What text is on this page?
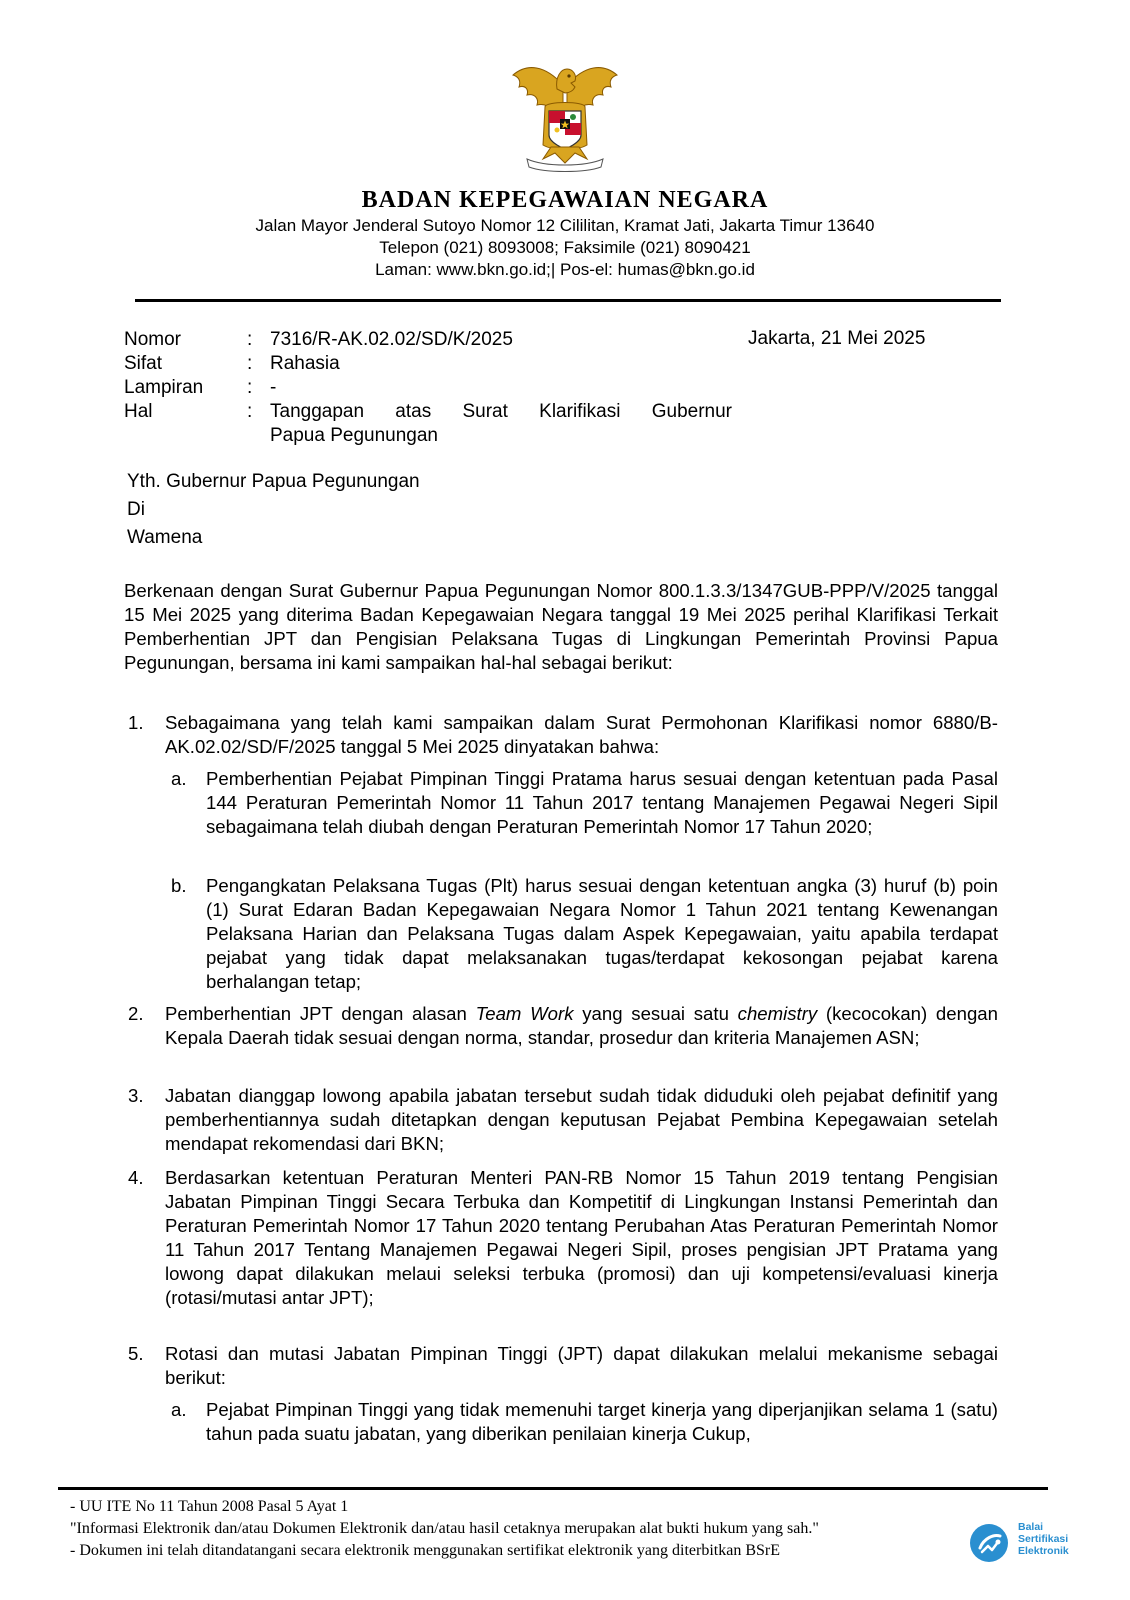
BADAN KEPEGAWAIAN NEGARA
Jalan Mayor Jenderal Sutoyo Nomor 12 Cililitan, Kramat Jati, Jakarta Timur 13640
Telepon (021) 8093008; Faksimile (021) 8090421
Laman: www.bkn.go.id;| Pos-el: humas@bkn.go.id
Nomor	: 7316/R-AK.02.02/SD/K/2025
Sifat	: Rahasia
Lampiran : -
Hal	: Tanggapan atas Surat Klarifikasi Gubernur
Papua Pegunungan
Jakarta, 21 Mei 2025
Yth. Gubernur Papua Pegunungan
Di
Wamena
Berkenaan dengan Surat Gubernur Papua Pegunungan Nomor 800.1.3.3/1347GUB-PPP/V/2025 tanggal 15 Mei 2025 yang diterima Badan Kepegawaian Negara tanggal 19 Mei 2025 perihal Klarifikasi Terkait Pemberhentian JPT dan Pengisian Pelaksana Tugas di Lingkungan Pemerintah Provinsi Papua Pegunungan, bersama ini kami sampaikan hal-hal sebagai berikut:
1. Sebagaimana yang telah kami sampaikan dalam Surat Permohonan Klarifikasi nomor 6880/B-AK.02.02/SD/F/2025 tanggal 5 Mei 2025 dinyatakan bahwa:
a. Pemberhentian Pejabat Pimpinan Tinggi Pratama harus sesuai dengan ketentuan pada Pasal 144 Peraturan Pemerintah Nomor 11 Tahun 2017 tentang Manajemen Pegawai Negeri Sipil sebagaimana telah diubah dengan Peraturan Pemerintah Nomor 17 Tahun 2020;
b. Pengangkatan Pelaksana Tugas (Plt) harus sesuai dengan ketentuan angka (3) huruf (b) poin (1) Surat Edaran Badan Kepegawaian Negara Nomor 1 Tahun 2021 tentang Kewenangan Pelaksana Harian dan Pelaksana Tugas dalam Aspek Kepegawaian, yaitu apabila terdapat pejabat yang tidak dapat melaksanakan tugas/terdapat kekosongan pejabat karena berhalangan tetap;
2. Pemberhentian JPT dengan alasan Team Work yang sesuai satu chemistry (kecocokan) dengan Kepala Daerah tidak sesuai dengan norma, standar, prosedur dan kriteria Manajemen ASN;
3. Jabatan dianggap lowong apabila jabatan tersebut sudah tidak diduduki oleh pejabat definitif yang pemberhentiannya sudah ditetapkan dengan keputusan Pejabat Pembina Kepegawaian setelah mendapat rekomendasi dari BKN;
4. Berdasarkan ketentuan Peraturan Menteri PAN-RB Nomor 15 Tahun 2019 tentang Pengisian Jabatan Pimpinan Tinggi Secara Terbuka dan Kompetitif di Lingkungan Instansi Pemerintah dan Peraturan Pemerintah Nomor 17 Tahun 2020 tentang Perubahan Atas Peraturan Pemerintah Nomor 11 Tahun 2017 Tentang Manajemen Pegawai Negeri Sipil, proses pengisian JPT Pratama yang lowong dapat dilakukan melaui seleksi terbuka (promosi) dan uji kompetensi/evaluasi kinerja (rotasi/mutasi antar JPT);
5. Rotasi dan mutasi Jabatan Pimpinan Tinggi (JPT) dapat dilakukan melalui mekanisme sebagai berikut:
a. Pejabat Pimpinan Tinggi yang tidak memenuhi target kinerja yang diperjanjikan selama 1 (satu) tahun pada suatu jabatan, yang diberikan penilaian kinerja Cukup,
- UU ITE No 11 Tahun 2008 Pasal 5 Ayat 1
"Informasi Elektronik dan/atau Dokumen Elektronik dan/atau hasil cetaknya merupakan alat bukti hukum yang sah."
- Dokumen ini telah ditandatangani secara elektronik menggunakan sertifikat elektronik yang diterbitkan BSrE
Balai
Sertifikasi
Elektronik
